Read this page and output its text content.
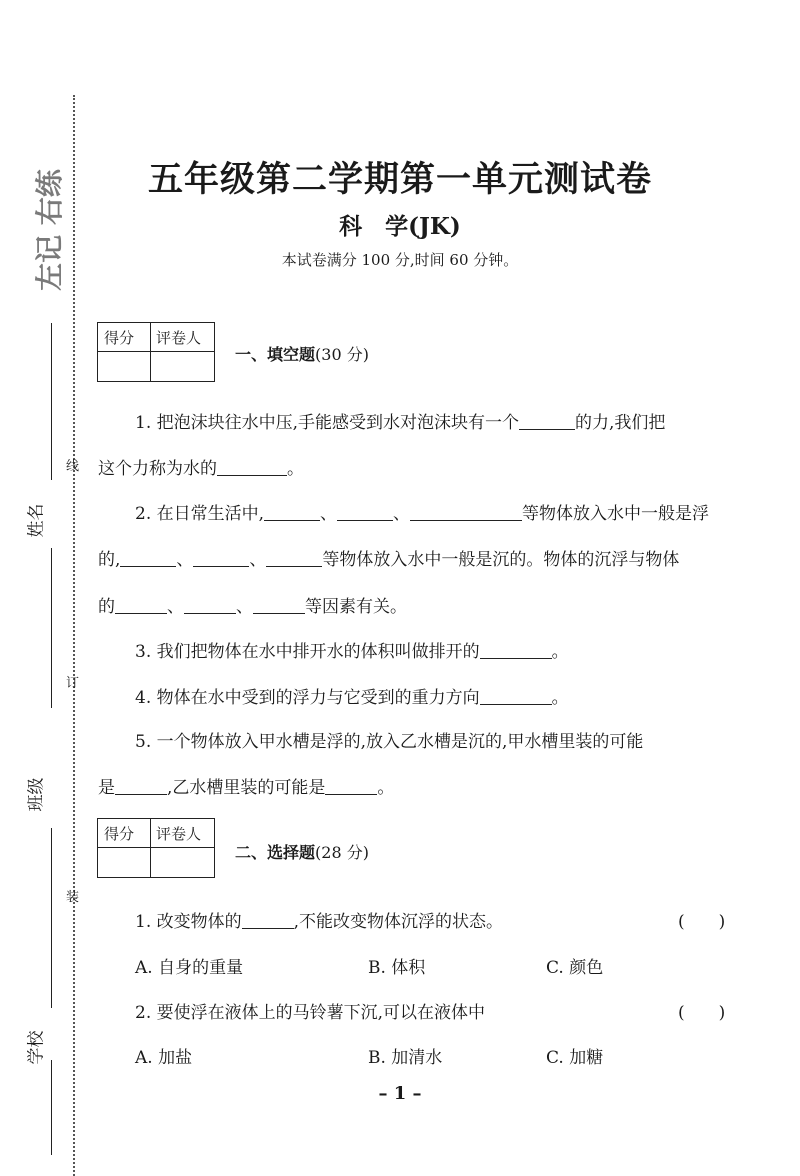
线
订
装
左记 右练
姓名
班级
学校
五年级第二学期第一单元测试卷
科　学(JK)
本试卷满分 100 分,时间 60 分钟。
得分 评卷人
一、填空题(30 分)
1. 把泡沫块往水中压,手能感受到水对泡沫块有一个	的力,我们把
这个力称为水的	。
2. 在日常生活中,	、	、	等物体放入水中一般是浮
的,	、	、	等物体放入水中一般是沉的。物体的沉浮与物体
的	、	、	等因素有关。
3. 我们把物体在水中排开水的体积叫做排开的	。
4. 物体在水中受到的浮力与它受到的重力方向	。
5. 一个物体放入甲水槽是浮的,放入乙水槽是沉的,甲水槽里装的可能
是	,乙水槽里装的可能是	。
得分 评卷人
二、选择题(28 分)
1. 改变物体的	,不能改变物体沉浮的状态。	(　　)
A. 自身的重量	B. 体积	C. 颜色
2. 要使浮在液体上的马铃薯下沉,可以在液体中	(　　)
A. 加盐	B. 加清水	C. 加糖
– 1 –
